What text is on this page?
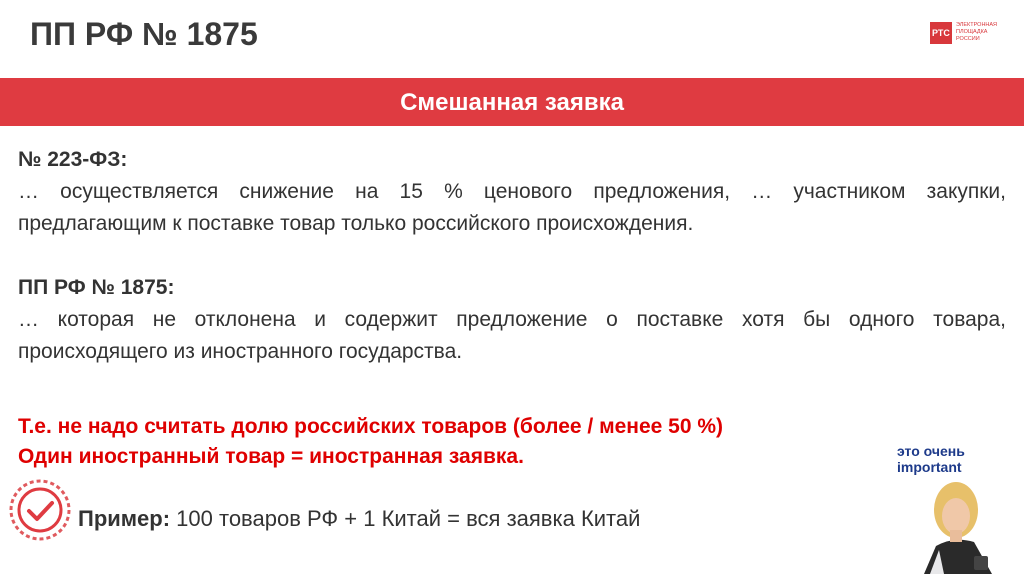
ПП РФ № 1875	РТС
ЭЛЕКТРОННАЯ ПЛОЩАДКА РОССИИ
Смешанная заявка
№ 223-ФЗ:
… осуществляется снижение на 15 % ценового предложения, … участником закупки, предлагающим к поставке товар только российского происхождения.
ПП РФ № 1875:
… которая не отклонена и содержит предложение о поставке хотя бы одного товара, происходящего из иностранного государства.
Т.е. не надо считать долю российских товаров (более / менее 50 %)
Один иностранный товар = иностранная заявка.
Пример: 100 товаров РФ + 1 Китай = вся заявка Китай
это очень
important
